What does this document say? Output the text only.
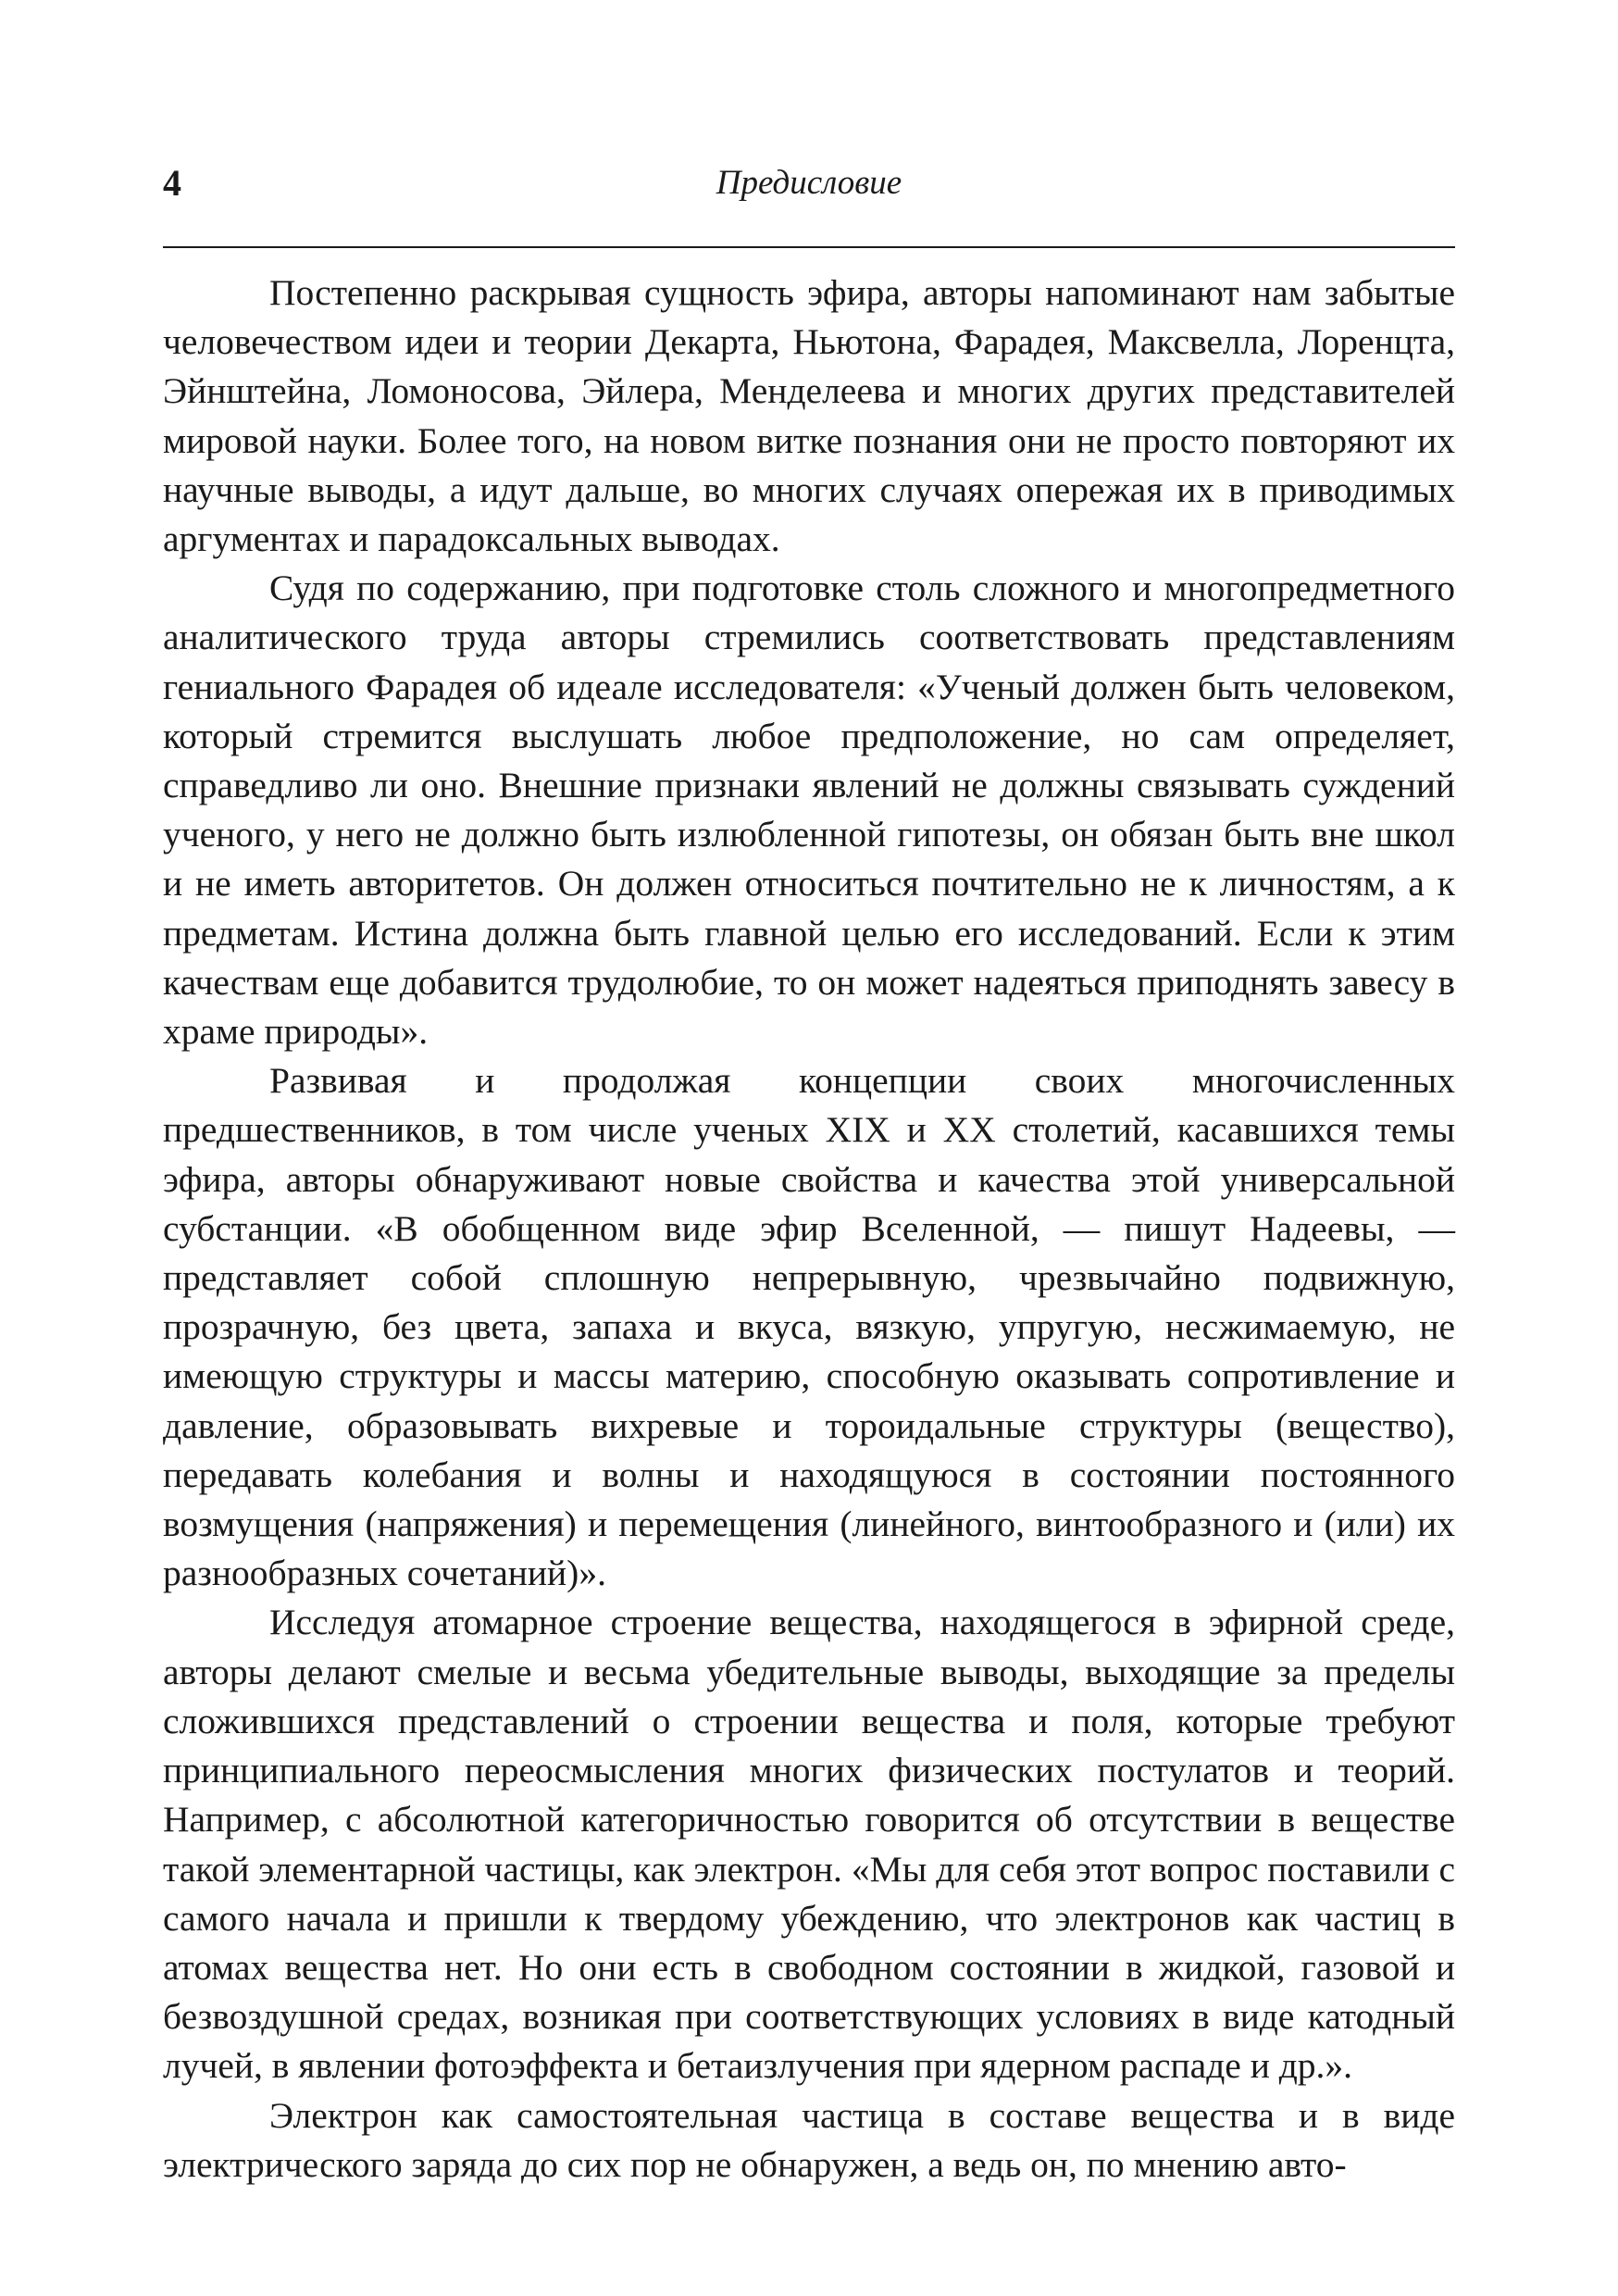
4	Предисловие

Постепенно раскрывая сущность эфира, авторы напоминают нам забытые человечеством идеи и теории Декарта, Ньютона, Фарадея, Максвелла, Лоренцта, Эйнштейна, Ломоносова, Эйлера, Менделеева и многих других представителей мировой науки. Более того, на новом витке познания они не просто повторяют их научные выводы, а идут дальше, во многих случаях опережая их в приводимых аргументах и парадоксальных выводах.

Судя по содержанию, при подготовке столь сложного и многопредметного аналитического труда авторы стремились соответствовать представлениям гениального Фарадея об идеале исследователя: «Ученый должен быть человеком, который стремится выслушать любое предположение, но сам определяет, справедливо ли оно. Внешние признаки явлений не должны связывать суждений ученого, у него не должно быть излюбленной гипотезы, он обязан быть вне школ и не иметь авторитетов. Он должен относиться почтительно не к личностям, а к предметам. Истина должна быть главной целью его исследований. Если к этим качествам еще добавится трудолюбие, то он может надеяться приподнять завесу в храме природы».

Развивая и продолжая концепции своих многочисленных предшественников, в том числе ученых XIX и XX столетий, касавшихся темы эфира, авторы обнаруживают новые свойства и качества этой универсальной субстанции. «В обобщенном виде эфир Вселенной, — пишут Надеевы, — представляет собой сплошную непрерывную, чрезвычайно подвижную, прозрачную, без цвета, запаха и вкуса, вязкую, упругую, несжимаемую, не имеющую структуры и массы материю, способную оказывать сопротивление и давление, образовывать вихревые и тороидальные структуры (вещество), передавать колебания и волны и находящуюся в состоянии постоянного возмущения (напряжения) и перемещения (линейного, винтообразного и (или) их разнообразных сочетаний)».

Исследуя атомарное строение вещества, находящегося в эфирной среде, авторы делают смелые и весьма убедительные выводы, выходящие за пределы сложившихся представлений о строении вещества и поля, которые требуют принципиального переосмысления многих физических постулатов и теорий. Например, с абсолютной категоричностью говорится об отсутствии в веществе такой элементарной частицы, как электрон. «Мы для себя этот вопрос поставили с самого начала и пришли к твердому убеждению, что электронов как частиц в атомах вещества нет. Но они есть в свободном состоянии в жидкой, газовой и безвоздушной средах, возникая при соответствующих условиях в виде катодный лучей, в явлении фотоэффекта и бетаизлучения при ядерном распаде и др.».

Электрон как самостоятельная частица в составе вещества и в виде электрического заряда до сих пор не обнаружен, а ведь он, по мнению авто-
